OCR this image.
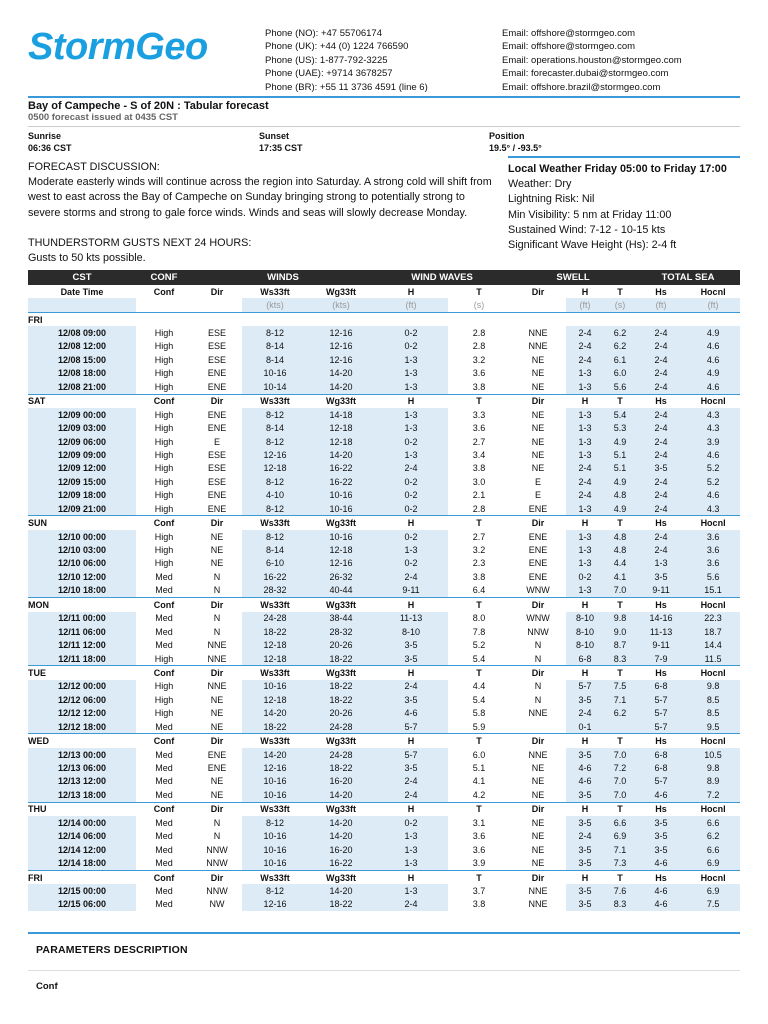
StormGeo	Phone (NO): +47 55706174
Phone (UK): +44 (0) 1224 766590
Phone (US): 1-877-792-3225
Phone (UAE): +9714 3678257
Phone (BR): +55 11 3736 4591 (line 6)
Email: offshore@stormgeo.com
Email: offshore@stormgeo.com
Email: operations.houston@stormgeo.com
Email: forecaster.dubai@stormgeo.com
Email: offshore.brazil@stormgeo.com
Bay of Campeche - S of 20N : Tabular forecast
0500 forecast issued at 0435 CST
Sunrise
06:36 CST
Sunset
17:35 CST
Position
19.5° / -93.5°
FORECAST DISCUSSION:
Moderate easterly winds will continue across the region into Saturday. A strong cold will shift from west to east across the Bay of Campeche on Sunday bringing strong to potentially strong to severe storms and strong to gale force winds. Winds and seas will slowly decrease Monday.
THUNDERSTORM GUSTS NEXT 24 HOURS:
Gusts to 50 kts possible.
Local Weather Friday 05:00 to Friday 17:00
Weather: Dry
Lightning Risk: Nil
Min Visibility: 5 nm at Friday 11:00
Sustained Wind: 7-12 - 10-15 kts
Significant Wave Height (Hs): 2-4 ft
CST	CONF	WINDS			WIND WAVES		SWELL			TOTAL SEA	
Date Time	Conf	Dir	Ws33ft	Wg33ft	H	T	Dir	H	T	Hs	Hocnl
			(kts)	(kts)	(ft)	(s)		(ft)	(s)	(ft)	(ft)
FRI											
12/08 09:00	High	ESE	8-12	12-16	0-2	2.8	NNE	2-4	6.2	2-4	4.9
12/08 12:00	High	ESE	8-14	12-16	0-2	2.8	NNE	2-4	6.2	2-4	4.6
12/08 15:00	High	ESE	8-14	12-16	1-3	3.2	NE	2-4	6.1	2-4	4.6
12/08 18:00	High	ENE	10-16	14-20	1-3	3.6	NE	1-3	6.0	2-4	4.9
12/08 21:00	High	ENE	10-14	14-20	1-3	3.8	NE	1-3	5.6	2-4	4.6
SAT	Conf	Dir	Ws33ft	Wg33ft	H	T	Dir	H	T	Hs	Hocnl
12/09 00:00	High	ENE	8-12	14-18	1-3	3.3	NE	1-3	5.4	2-4	4.3
12/09 03:00	High	ENE	8-14	12-18	1-3	3.6	NE	1-3	5.3	2-4	4.3
12/09 06:00	High	E	8-12	12-18	0-2	2.7	NE	1-3	4.9	2-4	3.9
12/09 09:00	High	ESE	12-16	14-20	1-3	3.4	NE	1-3	5.1	2-4	4.6
12/09 12:00	High	ESE	12-18	16-22	2-4	3.8	NE	2-4	5.1	3-5	5.2
12/09 15:00	High	ESE	8-12	16-22	0-2	3.0	E	2-4	4.9	2-4	5.2
12/09 18:00	High	ENE	4-10	10-16	0-2	2.1	E	2-4	4.8	2-4	4.6
12/09 21:00	High	ENE	8-12	10-16	0-2	2.8	ENE	1-3	4.9	2-4	4.3
SUN	Conf	Dir	Ws33ft	Wg33ft	H	T	Dir	H	T	Hs	Hocnl
12/10 00:00	High	NE	8-12	10-16	0-2	2.7	ENE	1-3	4.8	2-4	3.6
12/10 03:00	High	NE	8-14	12-18	1-3	3.2	ENE	1-3	4.8	2-4	3.6
12/10 06:00	High	NE	6-10	12-16	0-2	2.3	ENE	1-3	4.4	1-3	3.6
12/10 12:00	Med	N	16-22	26-32	2-4	3.8	ENE	0-2	4.1	3-5	5.6
12/10 18:00	Med	N	28-32	40-44	9-11	6.4	WNW	1-3	7.0	9-11	15.1
MON	Conf	Dir	Ws33ft	Wg33ft	H	T	Dir	H	T	Hs	Hocnl
12/11 00:00	Med	N	24-28	38-44	11-13	8.0	WNW	8-10	9.8	14-16	22.3
12/11 06:00	Med	N	18-22	28-32	8-10	7.8	NNW	8-10	9.0	11-13	18.7
12/11 12:00	Med	NNE	12-18	20-26	3-5	5.2	N	8-10	8.7	9-11	14.4
12/11 18:00	High	NNE	12-18	18-22	3-5	5.4	N	6-8	8.3	7-9	11.5
TUE	Conf	Dir	Ws33ft	Wg33ft	H	T	Dir	H	T	Hs	Hocnl
12/12 00:00	High	NNE	10-16	18-22	2-4	4.4	N	5-7	7.5	6-8	9.8
12/12 06:00	High	NE	12-18	18-22	3-5	5.4	N	3-5	7.1	5-7	8.5
12/12 12:00	High	NE	14-20	20-26	4-6	5.8	NNE	2-4	6.2	5-7	8.5
12/12 18:00	Med	NE	18-22	24-28	5-7	5.9		0-1		5-7	9.5
WED	Conf	Dir	Ws33ft	Wg33ft	H	T	Dir	H	T	Hs	Hocnl
12/13 00:00	Med	ENE	14-20	24-28	5-7	6.0	NNE	3-5	7.0	6-8	10.5
12/13 06:00	Med	ENE	12-16	18-22	3-5	5.1	NE	4-6	7.2	6-8	9.8
12/13 12:00	Med	NE	10-16	16-20	2-4	4.1	NE	4-6	7.0	5-7	8.9
12/13 18:00	Med	NE	10-16	14-20	2-4	4.2	NE	3-5	7.0	4-6	7.2
THU	Conf	Dir	Ws33ft	Wg33ft	H	T	Dir	H	T	Hs	Hocnl
12/14 00:00	Med	N	8-12	14-20	0-2	3.1	NE	3-5	6.6	3-5	6.6
12/14 06:00	Med	N	10-16	14-20	1-3	3.6	NE	2-4	6.9	3-5	6.2
12/14 12:00	Med	NNW	10-16	16-20	1-3	3.6	NE	3-5	7.1	3-5	6.6
12/14 18:00	Med	NNW	10-16	16-22	1-3	3.9	NE	3-5	7.3	4-6	6.9
FRI	Conf	Dir	Ws33ft	Wg33ft	H	T	Dir	H	T	Hs	Hocnl
12/15 00:00	Med	NNW	8-12	14-20	1-3	3.7	NNE	3-5	7.6	4-6	6.9
12/15 06:00	Med	NW	12-16	18-22	2-4	3.8	NNE	3-5	8.3	4-6	7.5
PARAMETERS DESCRIPTION
Conf
